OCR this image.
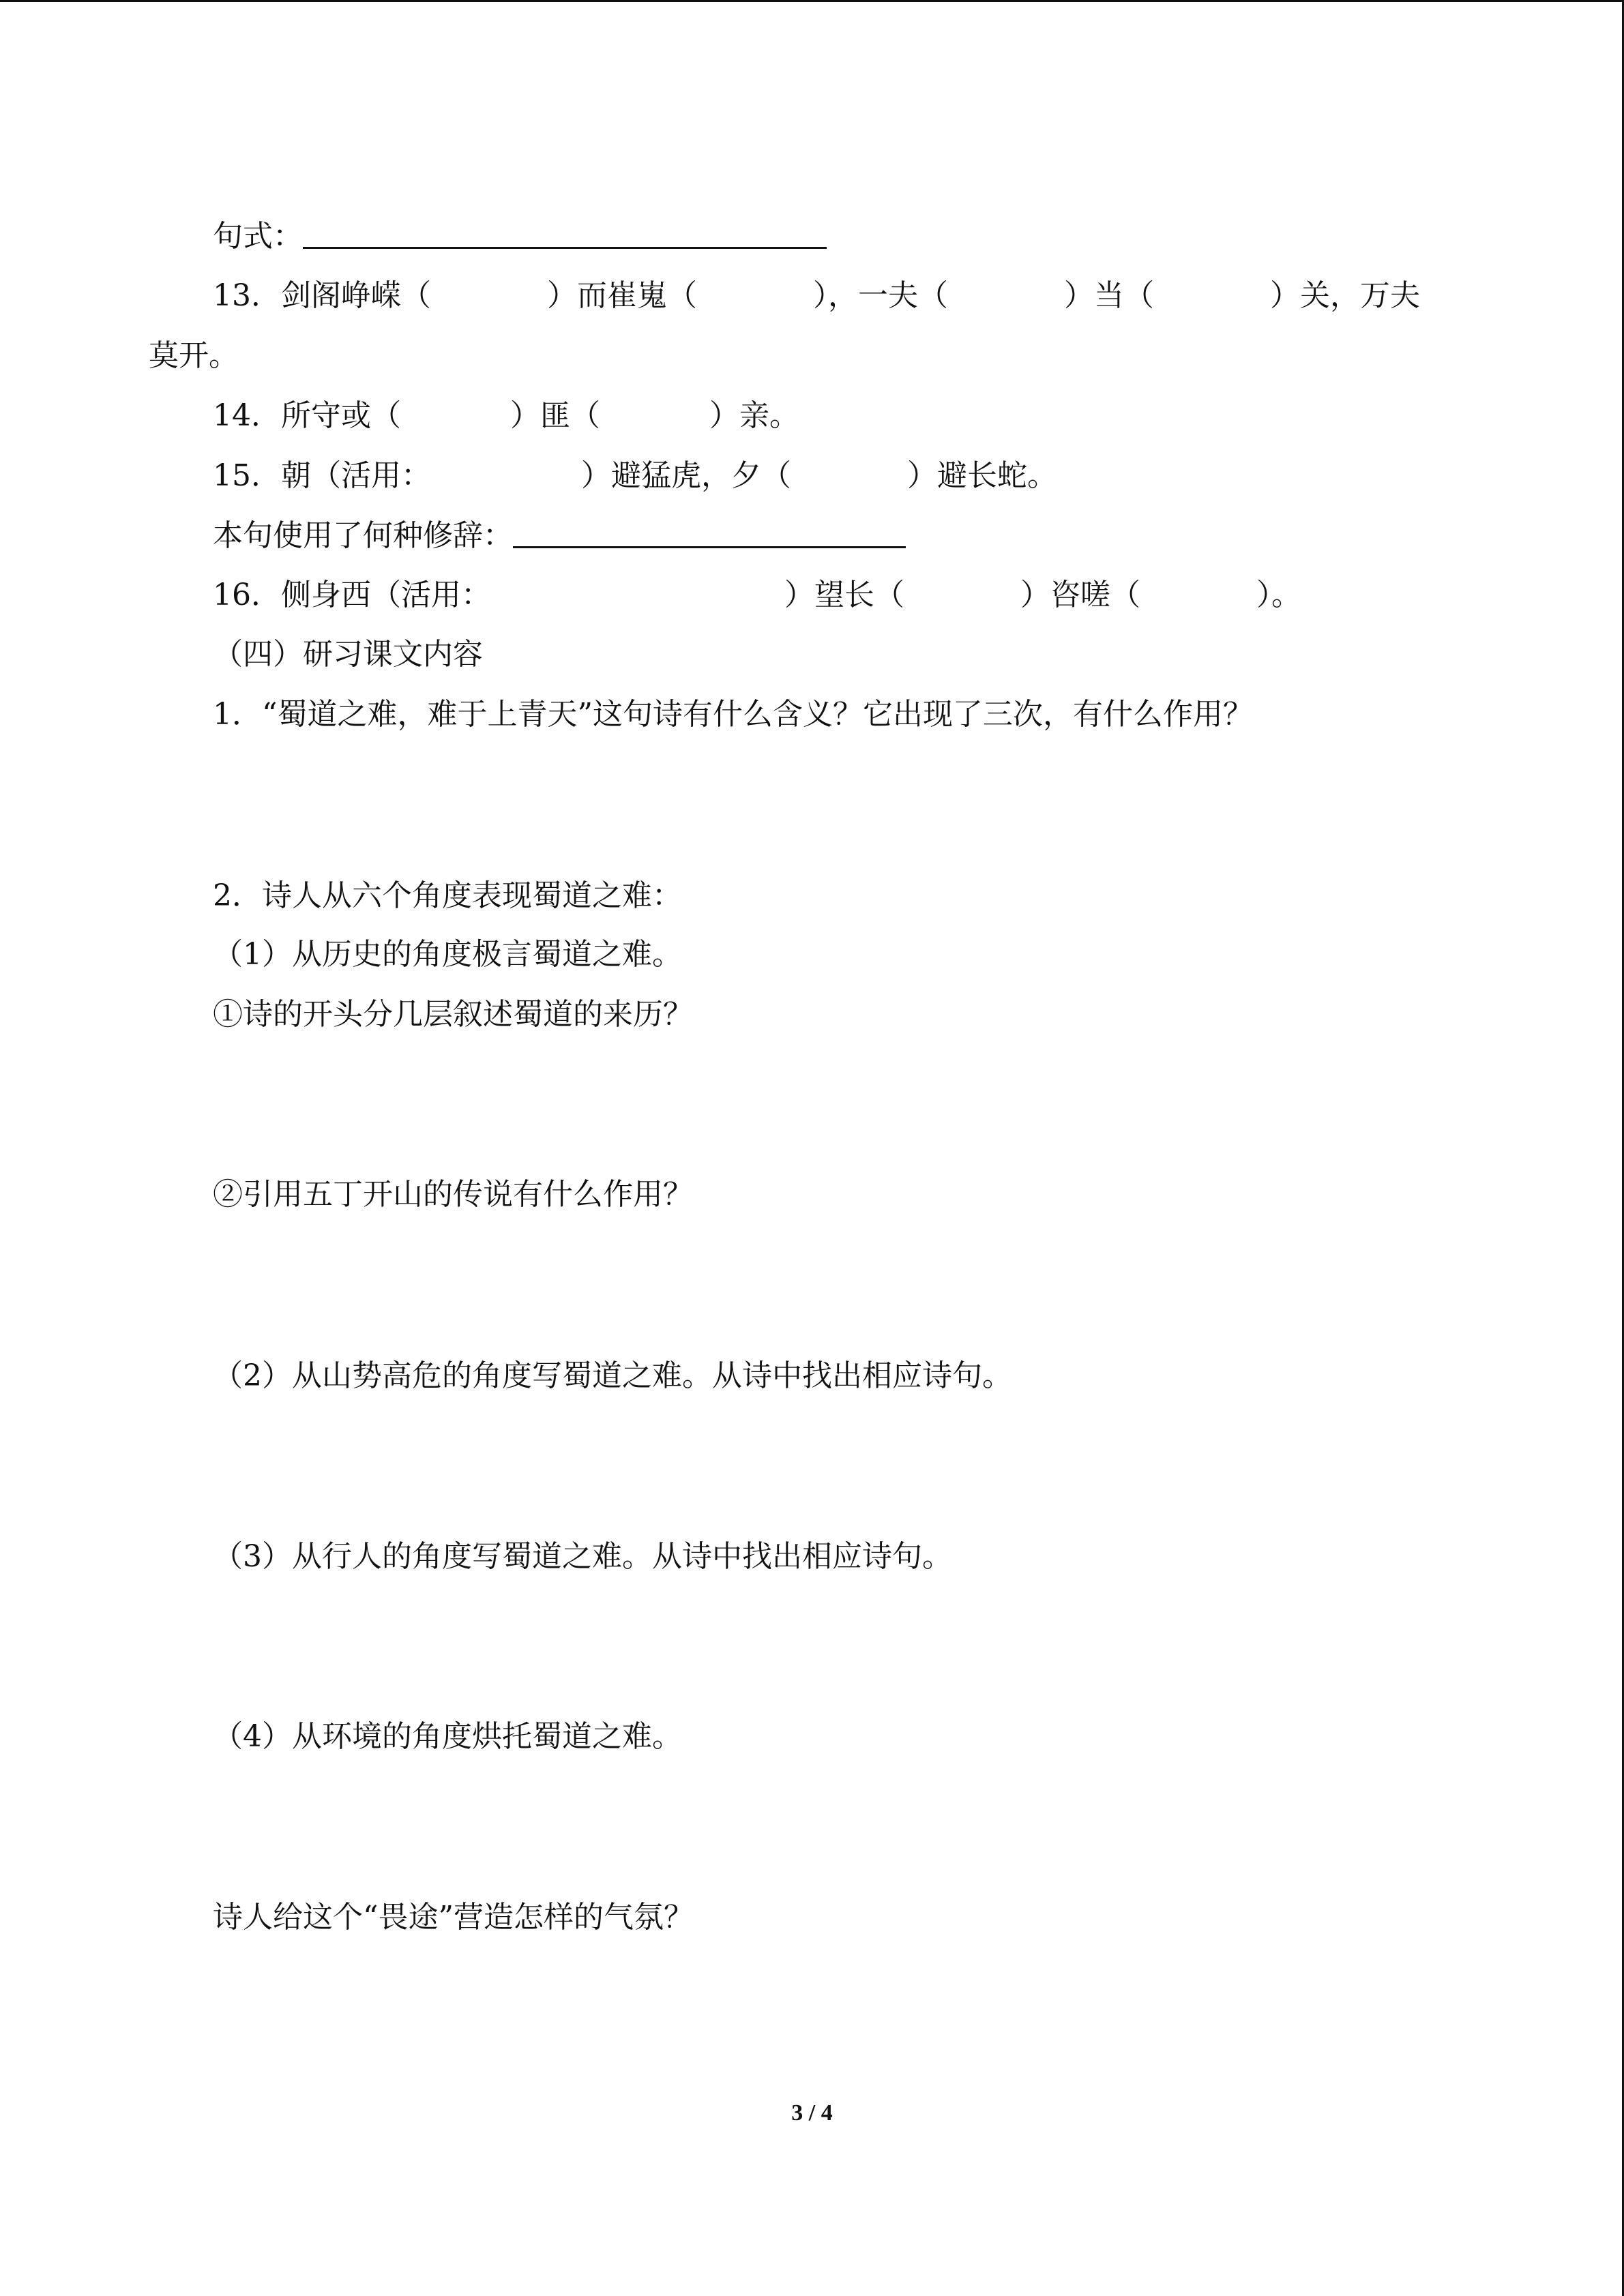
句式：
13．剑阁峥嵘（	）而崔嵬（	），一夫（	）当（	）关，万夫
莫开。
14．所守或（	）匪（	）亲。
15．朝（活用：	）避猛虎，夕（	）避长蛇。
本句使用了何种修辞：
16．侧身西（活用：	）望长（	）咨嗟（	）。
（四）研习课文内容
1．“蜀道之难，难于上青天”这句诗有什么含义？它出现了三次，有什么作用？
2．诗人从六个角度表现蜀道之难：
（1）从历史的角度极言蜀道之难。
①诗的开头分几层叙述蜀道的来历？
②引用五丁开山的传说有什么作用？
（2）从山势高危的角度写蜀道之难。从诗中找出相应诗句。
（3）从行人的角度写蜀道之难。从诗中找出相应诗句。
（4）从环境的角度烘托蜀道之难。
诗人给这个“畏途”营造怎样的气氛？
3 / 4
